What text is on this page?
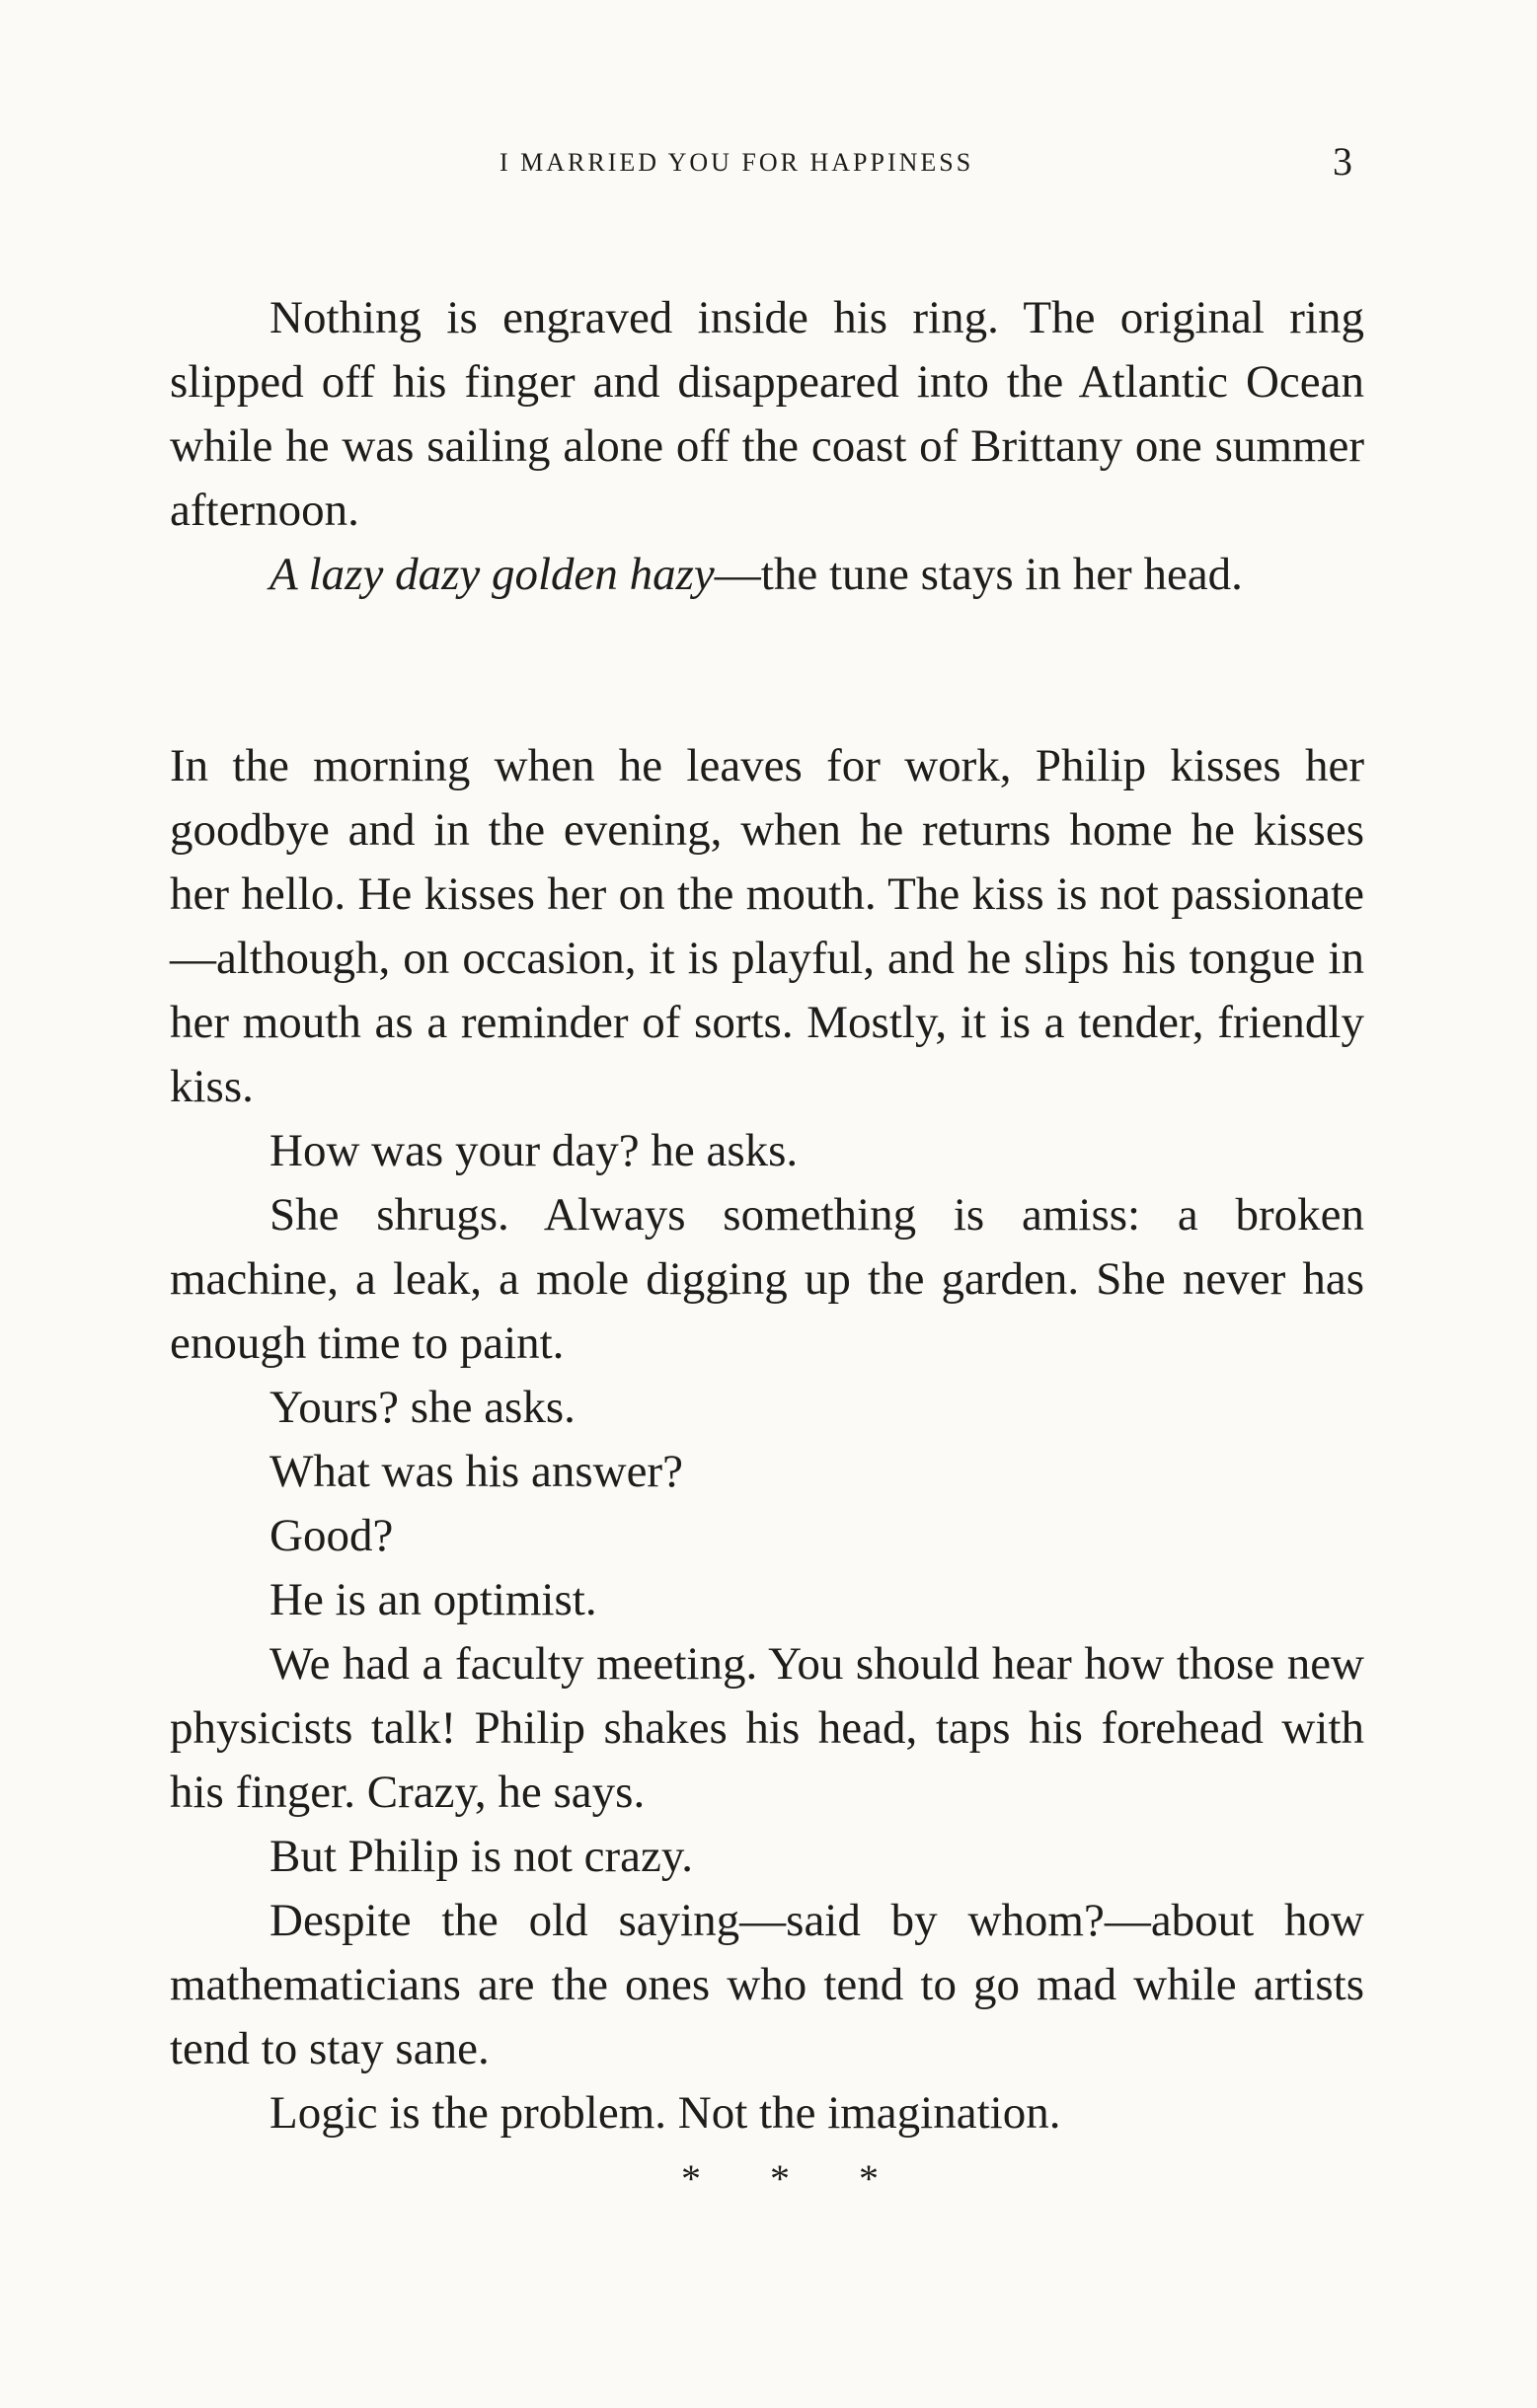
I MARRIED YOU FOR HAPPINESS	3

Nothing is engraved inside his ring. The original ring slipped off his finger and disappeared into the Atlantic Ocean while he was sailing alone off the coast of Brittany one summer afternoon.

A lazy dazy golden hazy—the tune stays in her head.

In the morning when he leaves for work, Philip kisses her goodbye and in the evening, when he returns home he kisses her hello. He kisses her on the mouth. The kiss is not passionate—although, on occasion, it is playful, and he slips his tongue in her mouth as a reminder of sorts. Mostly, it is a tender, friendly kiss.

How was your day? he asks.

She shrugs. Always something is amiss: a broken machine, a leak, a mole digging up the garden. She never has enough time to paint.

Yours? she asks.

What was his answer?

Good?

He is an optimist.

We had a faculty meeting. You should hear how those new physicists talk! Philip shakes his head, taps his forehead with his finger. Crazy, he says.

But Philip is not crazy.

Despite the old saying—said by whom?—about how mathematicians are the ones who tend to go mad while artists tend to stay sane.

Logic is the problem. Not the imagination.

* * *
